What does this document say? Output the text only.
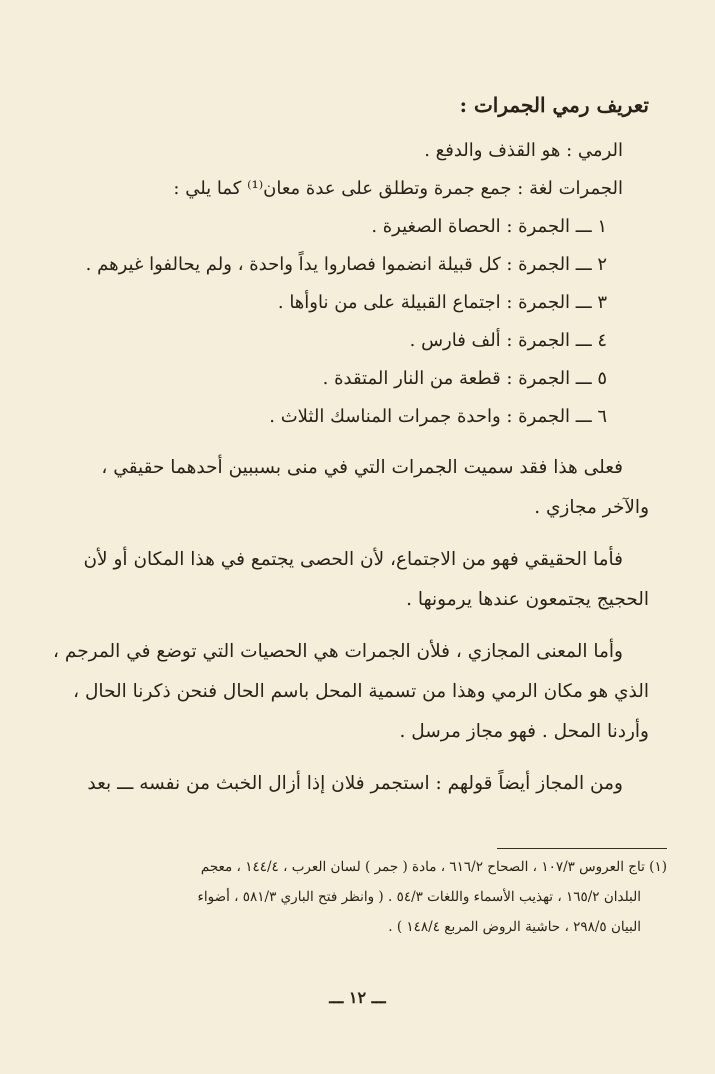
تعريف رمي الجمرات :

الرمي : هو القذف والدفع .

الجمرات لغة : جمع جمرة وتطلق على عدة معان⁽¹⁾ كما يلي :

١ ـــ الجمرة : الحصاة الصغيرة .

٢ ـــ الجمرة : كل قبيلة انضموا فصاروا يداً واحدة ، ولم يحالفوا غيرهم .

٣ ـــ الجمرة : اجتماع القبيلة على من ناوأها .

٤ ـــ الجمرة : ألف فارس .

٥ ـــ الجمرة : قطعة من النار المتقدة .

٦ ـــ الجمرة : واحدة جمرات المناسك الثلاث .

فعلى هذا فقد سميت الجمرات التي في منى بسببين أحدهما حقيقي ،

والآخر مجازي .

فأما الحقيقي فهو من الاجتماع، لأن الحصى يجتمع في هذا المكان أو لأن

الحجيج يجتمعون عندها يرمونها .

وأما المعنى المجازي ، فلأن الجمرات هي الحصيات التي توضع في المرجم ،

الذي هو مكان الرمي وهذا من تسمية المحل باسم الحال فنحن ذكرنا الحال ،

وأردنا المحل . فهو مجاز مرسل .

ومن المجاز أيضاً قولهم : استجمر فلان إذا أزال الخبث من نفسه ـــ بعد

(١) تاج العروس ١٠٧/٣ ، الصحاح ٦١٦/٢ ، مادة ( جمر ) لسان العرب ، ١٤٤/٤ ، معجم

البلدان ١٦٥/٢ ، تهذيب الأسماء واللغات ٥٤/٣ . ( وانظر فتح الباري ٥٨١/٣ ، أضواء

البيان ٢٩٨/٥ ، حاشية الروض المربع ١٤٨/٤ ) .

ـــ ١٢ ـــ
